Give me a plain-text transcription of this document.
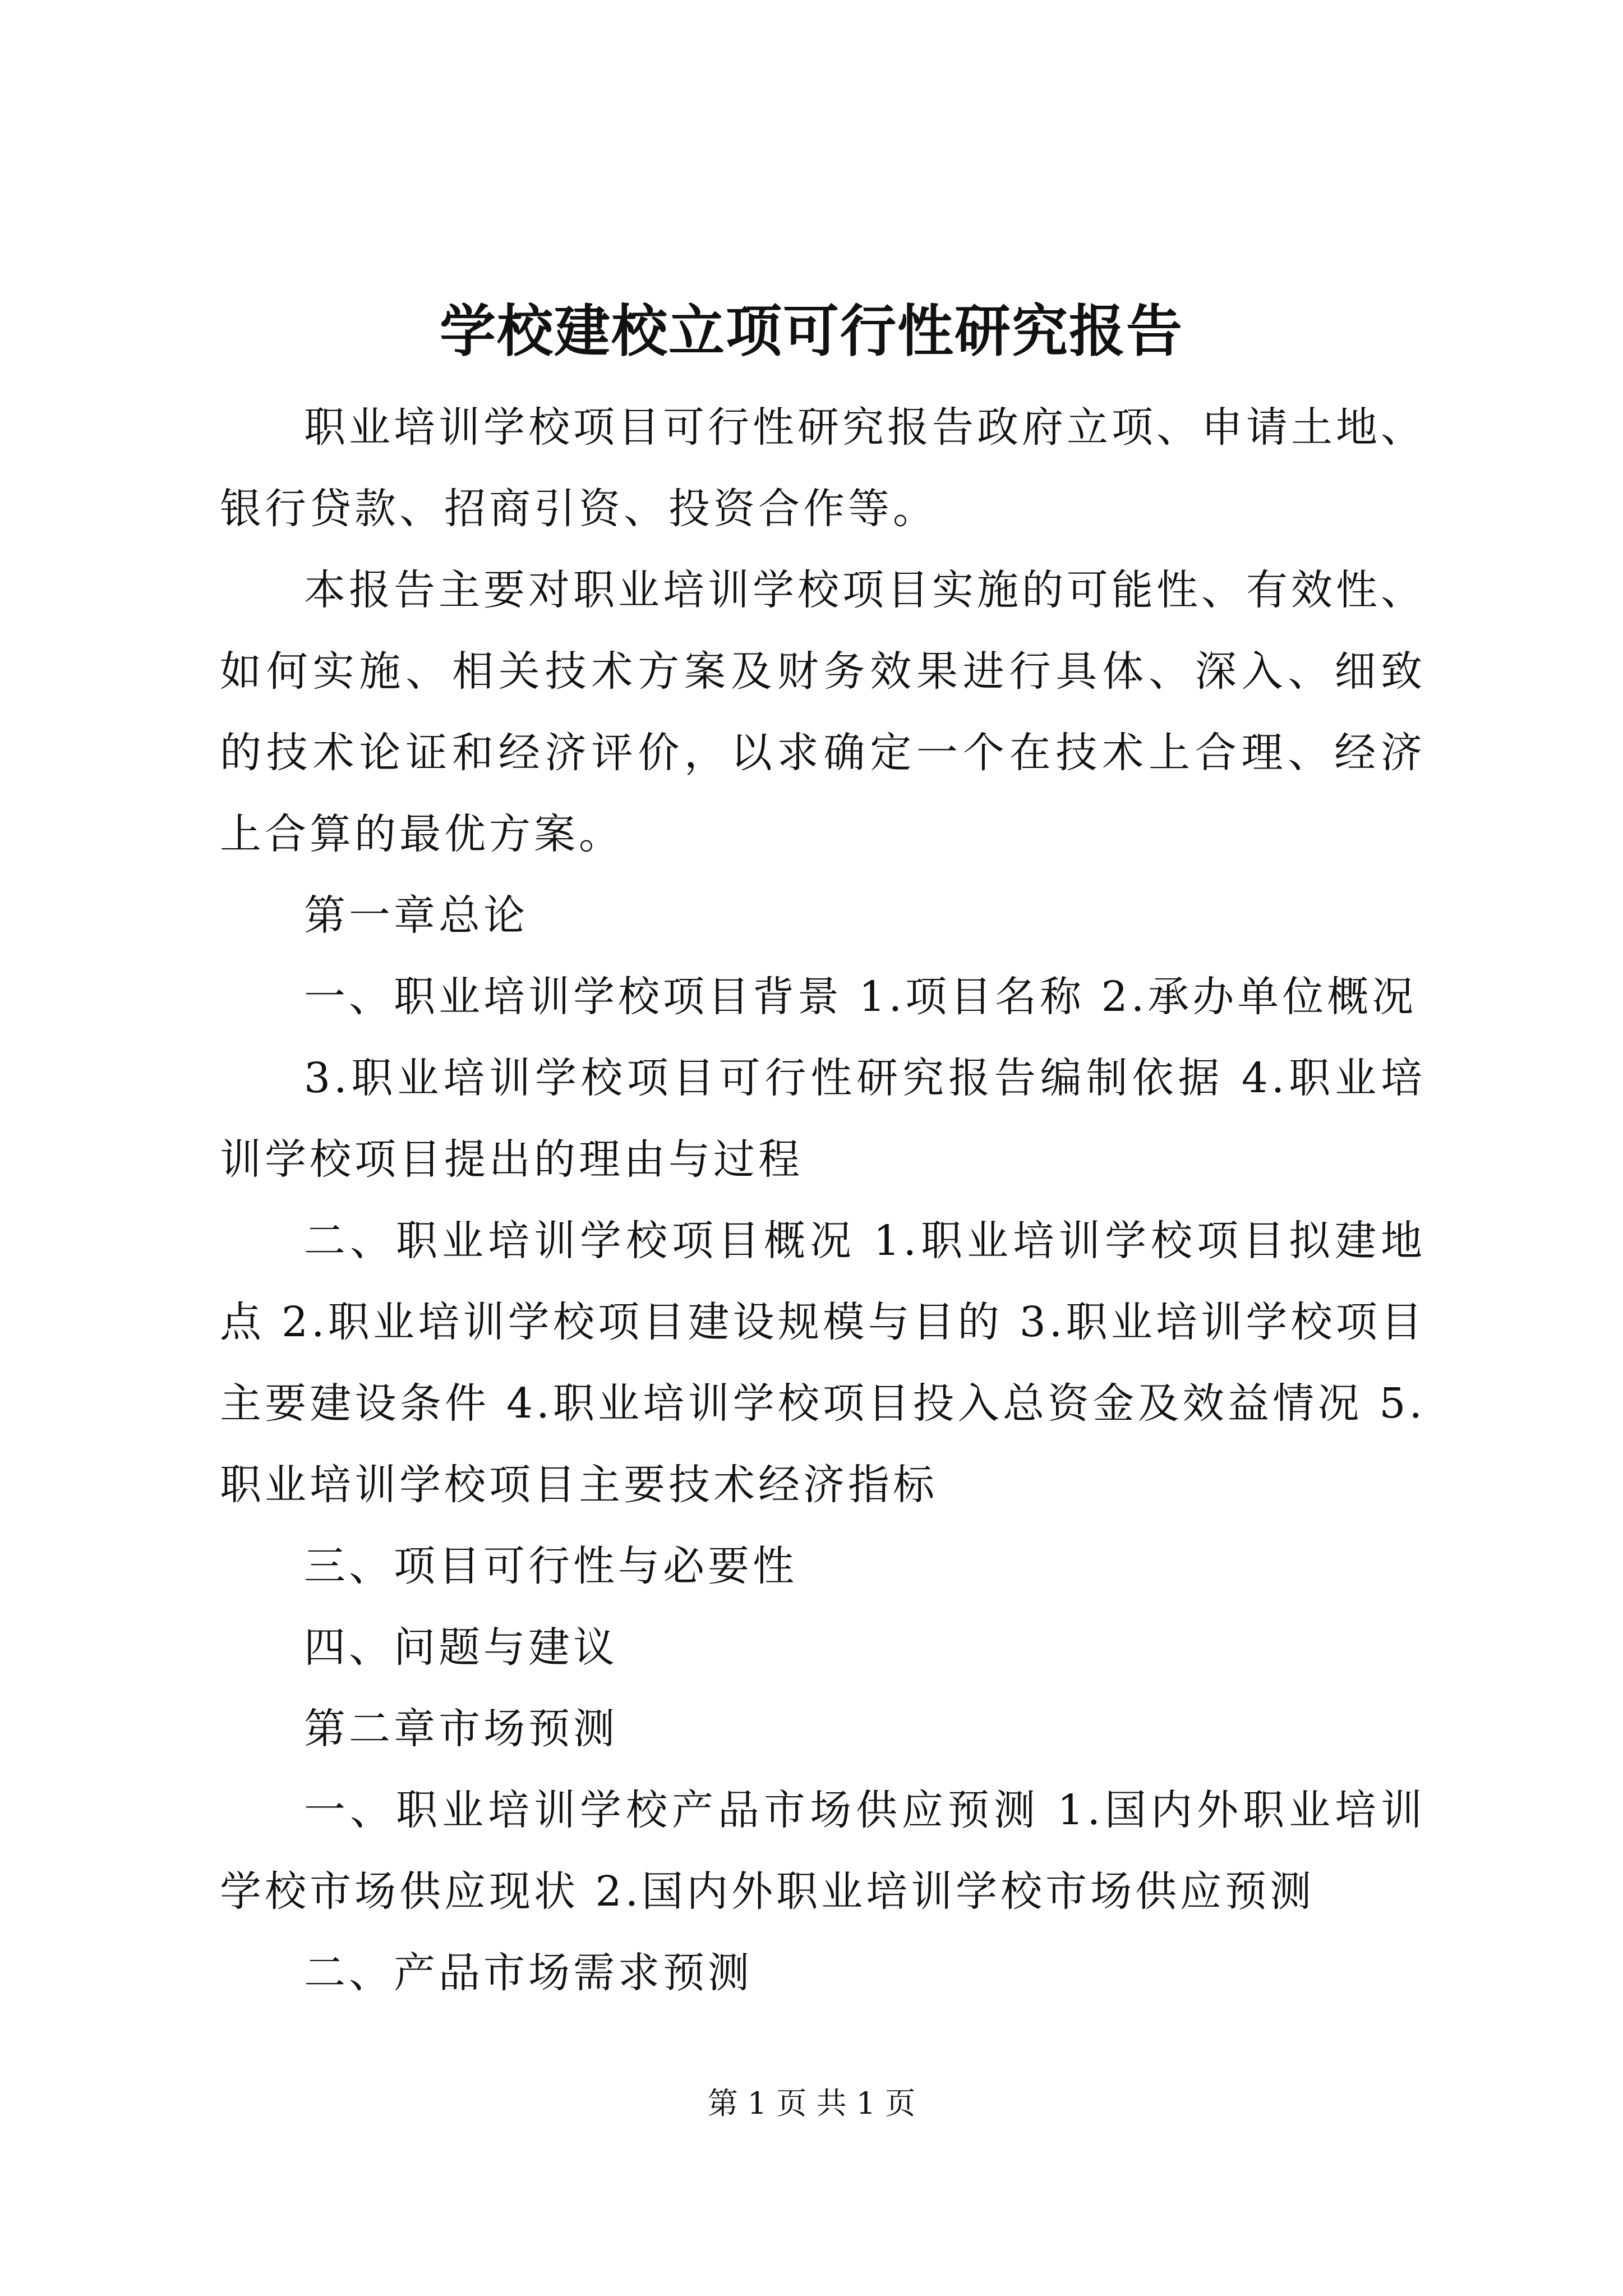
学校建校立项可行性研究报告

职业培训学校项目可行性研究报告政府立项、申请土地、银行贷款、招商引资、投资合作等。

本报告主要对职业培训学校项目实施的可能性、有效性、如何实施、相关技术方案及财务效果进行具体、深入、细致的技术论证和经济评价，以求确定一个在技术上合理、经济上合算的最优方案。

第一章总论

一、职业培训学校项目背景 1.项目名称 2.承办单位概况

3.职业培训学校项目可行性研究报告编制依据 4.职业培训学校项目提出的理由与过程

二、职业培训学校项目概况 1.职业培训学校项目拟建地点 2.职业培训学校项目建设规模与目的 3.职业培训学校项目主要建设条件 4.职业培训学校项目投入总资金及效益情况 5.职业培训学校项目主要技术经济指标

三、项目可行性与必要性

四、问题与建议

第二章市场预测

一、职业培训学校产品市场供应预测 1.国内外职业培训学校市场供应现状 2.国内外职业培训学校市场供应预测

二、产品市场需求预测

第 1 页 共 1 页
